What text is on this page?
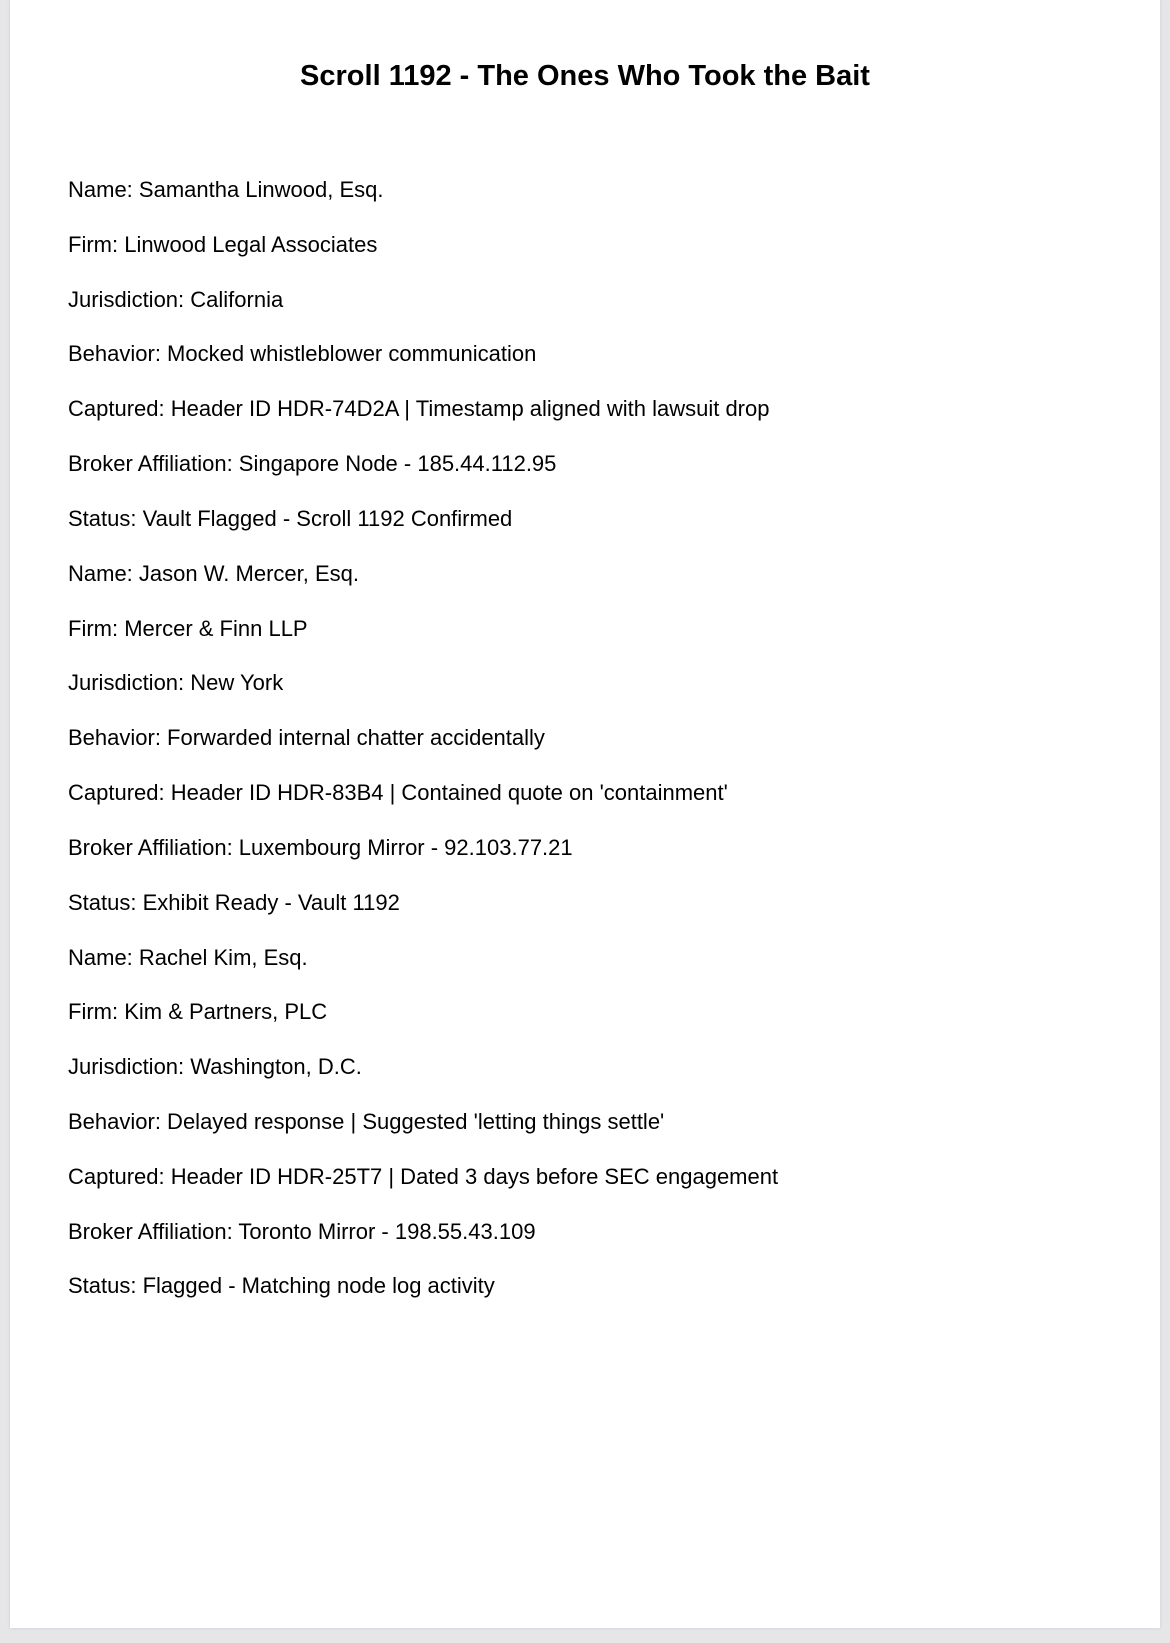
Scroll 1192 - The Ones Who Took the Bait
Name: Samantha Linwood, Esq.
Firm: Linwood Legal Associates
Jurisdiction: California
Behavior: Mocked whistleblower communication
Captured: Header ID HDR-74D2A | Timestamp aligned with lawsuit drop
Broker Affiliation: Singapore Node - 185.44.112.95
Status: Vault Flagged - Scroll 1192 Confirmed
Name: Jason W. Mercer, Esq.
Firm: Mercer & Finn LLP
Jurisdiction: New York
Behavior: Forwarded internal chatter accidentally
Captured: Header ID HDR-83B4 | Contained quote on 'containment'
Broker Affiliation: Luxembourg Mirror - 92.103.77.21
Status: Exhibit Ready - Vault 1192
Name: Rachel Kim, Esq.
Firm: Kim & Partners, PLC
Jurisdiction: Washington, D.C.
Behavior: Delayed response | Suggested 'letting things settle'
Captured: Header ID HDR-25T7 | Dated 3 days before SEC engagement
Broker Affiliation: Toronto Mirror - 198.55.43.109
Status: Flagged - Matching node log activity
